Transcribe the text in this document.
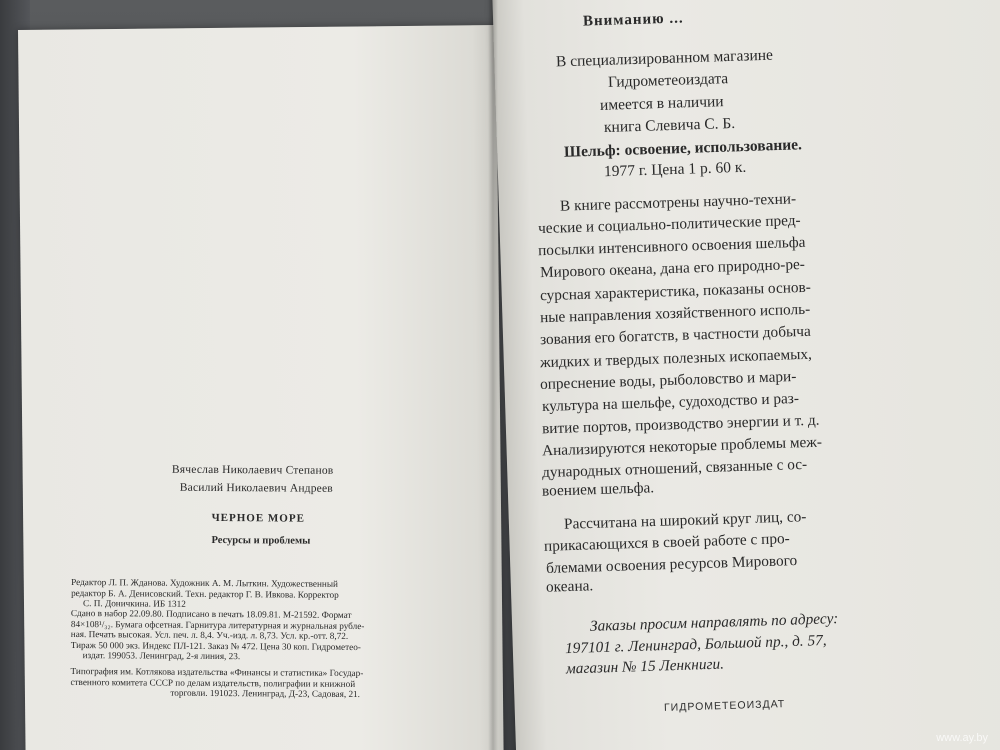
Вячеслав Николаевич Степанов
Василий Николаевич Андреев
ЧЕРНОЕ МОРЕ
Ресурсы и проблемы
Редактор Л. П. Жданова. Художник А. М. Лыткин. Художественный
редактор Б. А. Денисовский. Техн. редактор Г. В. Ивкова. Корректор
С. П. Доничкина. ИБ 1312
Сдано в набор 22.09.80. Подписано в печать 18.09.81. М-21592. Формат
84×108¹/₃₂. Бумага офсетная. Гарнитура литературная и журнальная рубле-
ная. Печать высокая. Усл. печ. л. 8,4. Уч.-изд. л. 8,73. Усл. кр.-отт. 8,72.
Тираж 50 000 экз. Индекс ПЛ-121. Заказ № 472. Цена 30 коп. Гидрометео-
издат. 199053. Ленинград, 2-я линия, 23.
Типография им. Котлякова издательства «Финансы и статистика» Государ-
ственного комитета СССР по делам издательств, полиграфии и книжной
торговли. 191023. Ленинград, Д-23, Садовая, 21.
Вниманию ...
В специализированном магазине
Гидрометеоиздата
имеется в наличии
книга Слевича С. Б.
Шельф: освоение, использование.
1977 г. Цена 1 р. 60 к.
В книге рассмотрены научно-техни-
ческие и социально-политические пред-
посылки интенсивного освоения шельфа
Мирового океана, дана его природно-ре-
сурсная характеристика, показаны основ-
ные направления хозяйственного исполь-
зования его богатств, в частности добыча
жидких и твердых полезных ископаемых,
опреснение воды, рыболовство и мари-
культура на шельфе, судоходство и раз-
витие портов, производство энергии и т. д.
Анализируются некоторые проблемы меж-
дународных отношений, связанные с ос-
воением шельфа.
Рассчитана на широкий круг лиц, со-
прикасающихся в своей работе с про-
блемами освоения ресурсов Мирового
океана.
Заказы просим направлять по адресу:
197101 г. Ленинград, Большой пр., д. 57,
магазин № 15 Ленкниги.
ГИДРОМЕТЕОИЗДАТ
www.ay.by
